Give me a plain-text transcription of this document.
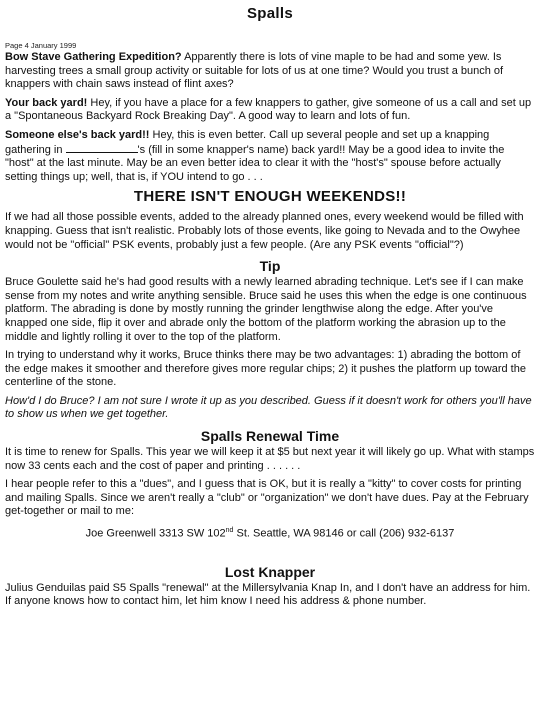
Spalls
Page 4 January 1999

Bow Stave Gathering Expedition? Apparently there is lots of vine maple to be had and some yew. Is harvesting trees a small group activity or suitable for lots of us at one time? Would you trust a bunch of knappers with chain saws instead of flint axes?

Your back yard! Hey, if you have a place for a few knappers to gather, give someone of us a call and set up a "Spontaneous Backyard Rock Breaking Day". A good way to learn and lots of fun.

Someone else's back yard!! Hey, this is even better. Call up several people and set up a knapping gathering in	's (fill in some knapper's name) back yard!! May be a good idea to invite the "host" at the last minute. May be an even better idea to clear it with the "host's" spouse before actually setting things up; well, that is, if YOU intend to go . . .

THERE ISN'T ENOUGH WEEKENDS!!

If we had all those possible events, added to the already planned ones, every weekend would be filled with knapping. Guess that isn't realistic. Probably lots of those events, like going to Nevada and to the Owyhee would not be "official" PSK events, probably just a few people. (Are any PSK events "official"?)

Tip

Bruce Goulette said he's had good results with a newly learned abrading technique. Let's see if I can make sense from my notes and write anything sensible. Bruce said he uses this when the edge is one continuous platform. The abrading is done by mostly running the grinder lengthwise along the edge. After you've knapped one side, flip it over and abrade only the bottom of the platform working the abrasion up to the middle and lightly rolling it over to the top of the platform.

In trying to understand why it works, Bruce thinks there may be two advantages: 1) abrading the bottom of the edge makes it smoother and therefore gives more regular chips; 2) it pushes the platform up toward the centerline of the stone.

How'd I do Bruce? I am not sure I wrote it up as you described. Guess if it doesn't work for others you'll have to show us when we get together.

Spalls Renewal Time

It is time to renew for Spalls. This year we will keep it at $5 but next year it will likely go up. What with stamps now 33 cents each and the cost of paper and printing . . . . . .

I hear people refer to this a "dues", and I guess that is OK, but it is really a "kitty" to cover costs for printing and mailing Spalls. Since we aren't really a "club" or "organization" we don't have dues. Pay at the February get-together or mail to me:

Joe Greenwell 3313 SW 102nd St. Seattle, WA 98146 or call (206) 932-6137
Lost Knapper

Julius Genduilas paid S5 Spalls "renewal" at the Millersylvania Knap In, and I don't have an address for him. If anyone knows how to contact him, let him know I need his address & phone number.
